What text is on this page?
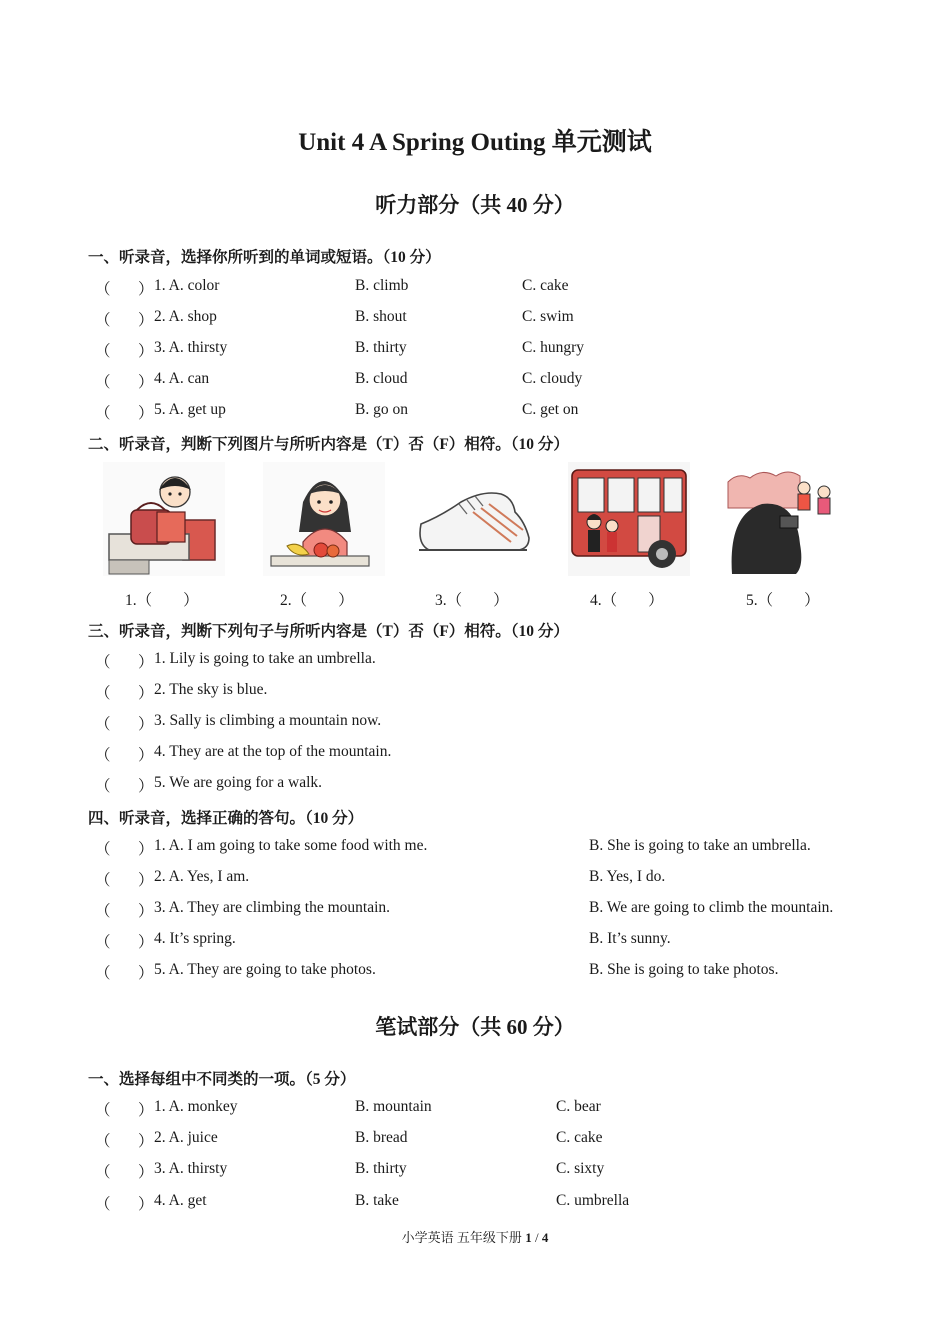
Unit 4 A Spring Outing 单元测试
听力部分（共 40 分）
一、听录音，选择你所听到的单词或短语。（10 分）
（ ） 1. A. color	B. climb	C. cake
（ ） 2. A. shop	B. shout	C. swim
（ ） 3. A. thirsty	B. thirty	C. hungry
（ ） 4. A. can	B. cloud	C. cloudy
（ ） 5. A. get up	B. go on	C. get on
二、听录音，判断下列图片与所听内容是（T）否（F）相符。（10 分）
1.（　　）	2.（　　）	3.（　　）	4.（　　）	5.（　　）
三、听录音，判断下列句子与所听内容是（T）否（F）相符。（10 分）
（ ） 1. Lily is going to take an umbrella.
（ ） 2. The sky is blue.
（ ） 3. Sally is climbing a mountain now.
（ ） 4. They are at the top of the mountain.
（ ） 5. We are going for a walk.
四、听录音，选择正确的答句。（10 分）
（ ） 1. A. I am going to take some food with me.	B. She is going to take an umbrella.
（ ） 2. A. Yes, I am.	B. Yes, I do.
（ ） 3. A. They are climbing the mountain.	B. We are going to climb the mountain.
（ ） 4. It’s spring.	B. It’s sunny.
（ ） 5. A. They are going to take photos.	B. She is going to take photos.
笔试部分（共 60 分）
一、选择每组中不同类的一项。（5 分）
（ ） 1. A. monkey	B. mountain	C. bear
（ ） 2. A. juice	B. bread	C. cake
（ ） 3. A. thirsty	B. thirty	C. sixty
（ ） 4. A. get	B. take	C. umbrella
小学英语 五年级下册 1 / 4
